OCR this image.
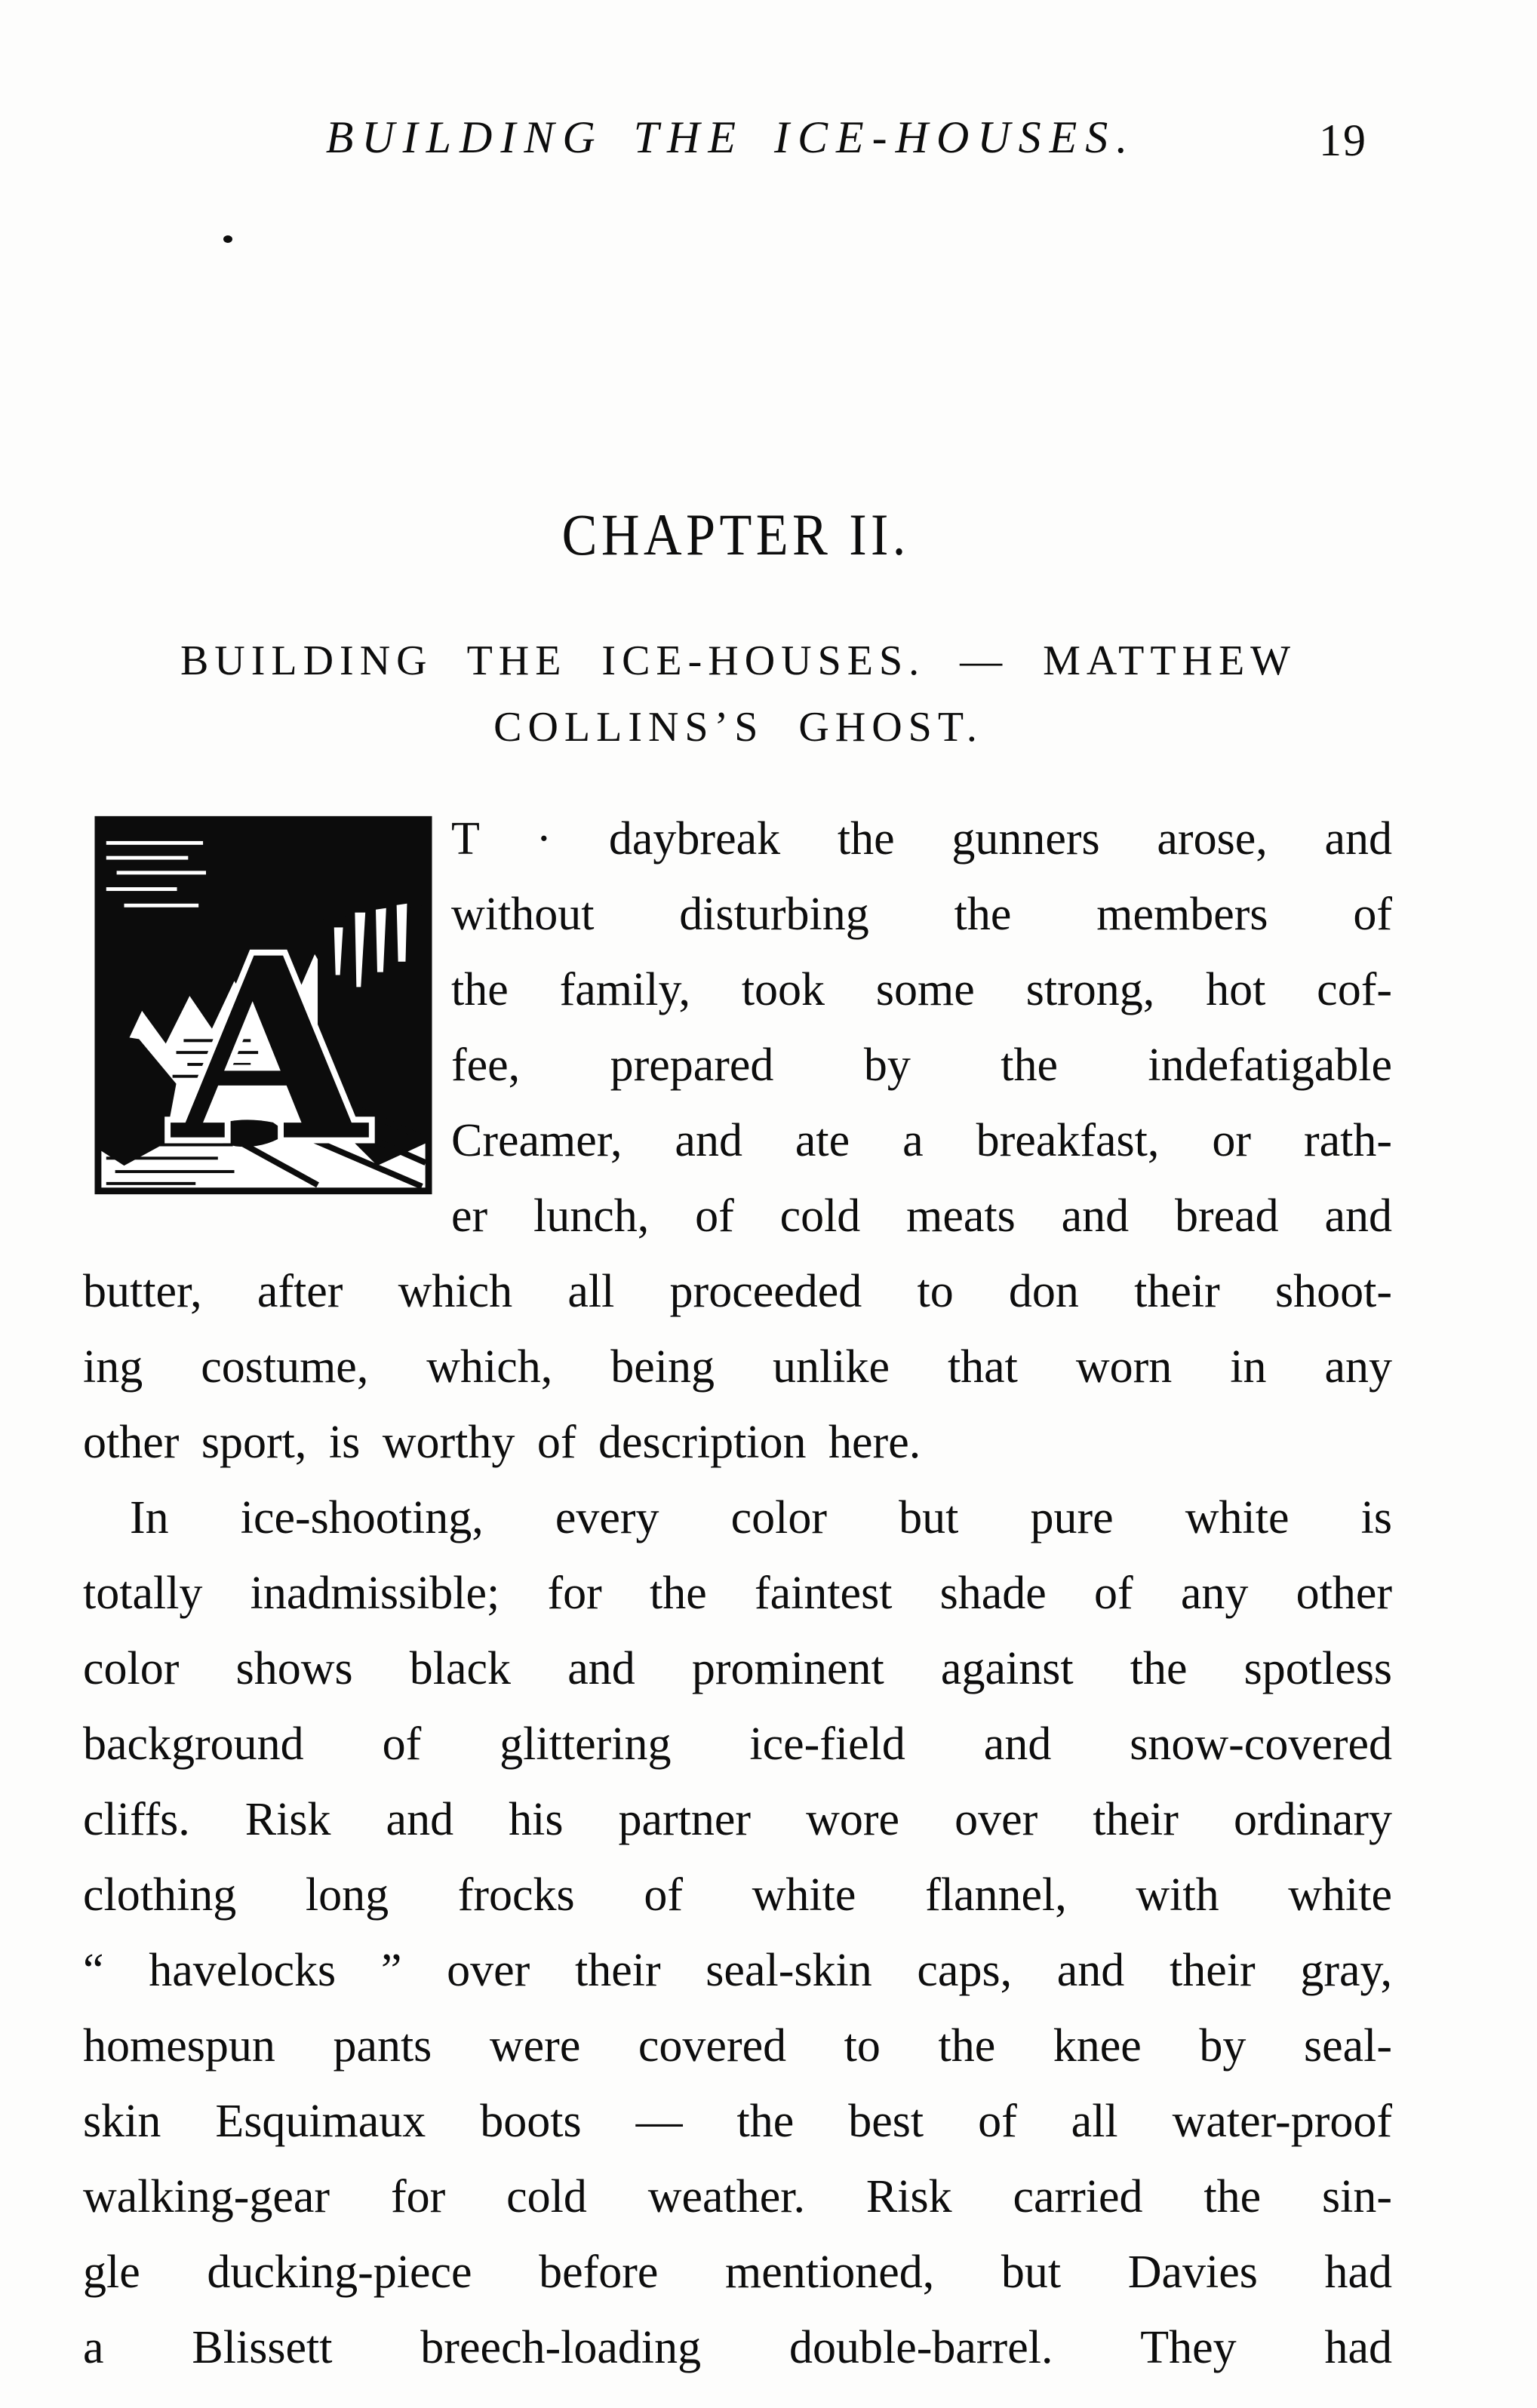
BUILDING THE ICE-HOUSES.	19
CHAPTER II.
BUILDING THE ICE-HOUSES. — MATTHEW
COLLINS’S GHOST.
A
T · daybreak the gunners arose, and
without disturbing the members of
the family, took some strong, hot cof-
fee, prepared by the indefatigable
Creamer, and ate a breakfast, or rath-
er lunch, of cold meats and bread and
butter, after which all proceeded to don their shoot-
ing costume, which, being unlike that worn in any
other sport, is worthy of description here.
In ice-shooting, every color but pure white is
totally inadmissible; for the faintest shade of any other
color shows black and prominent against the spotless
background of glittering ice-field and snow-covered
cliffs. Risk and his partner wore over their ordinary
clothing long frocks of white flannel, with white
“ havelocks ” over their seal-skin caps, and their gray,
homespun pants were covered to the knee by seal-
skin Esquimaux boots — the best of all water-proof
walking-gear for cold weather. Risk carried the sin-
gle ducking-piece before mentioned, but Davies had
a Blissett breech-loading double-barrel. They had
